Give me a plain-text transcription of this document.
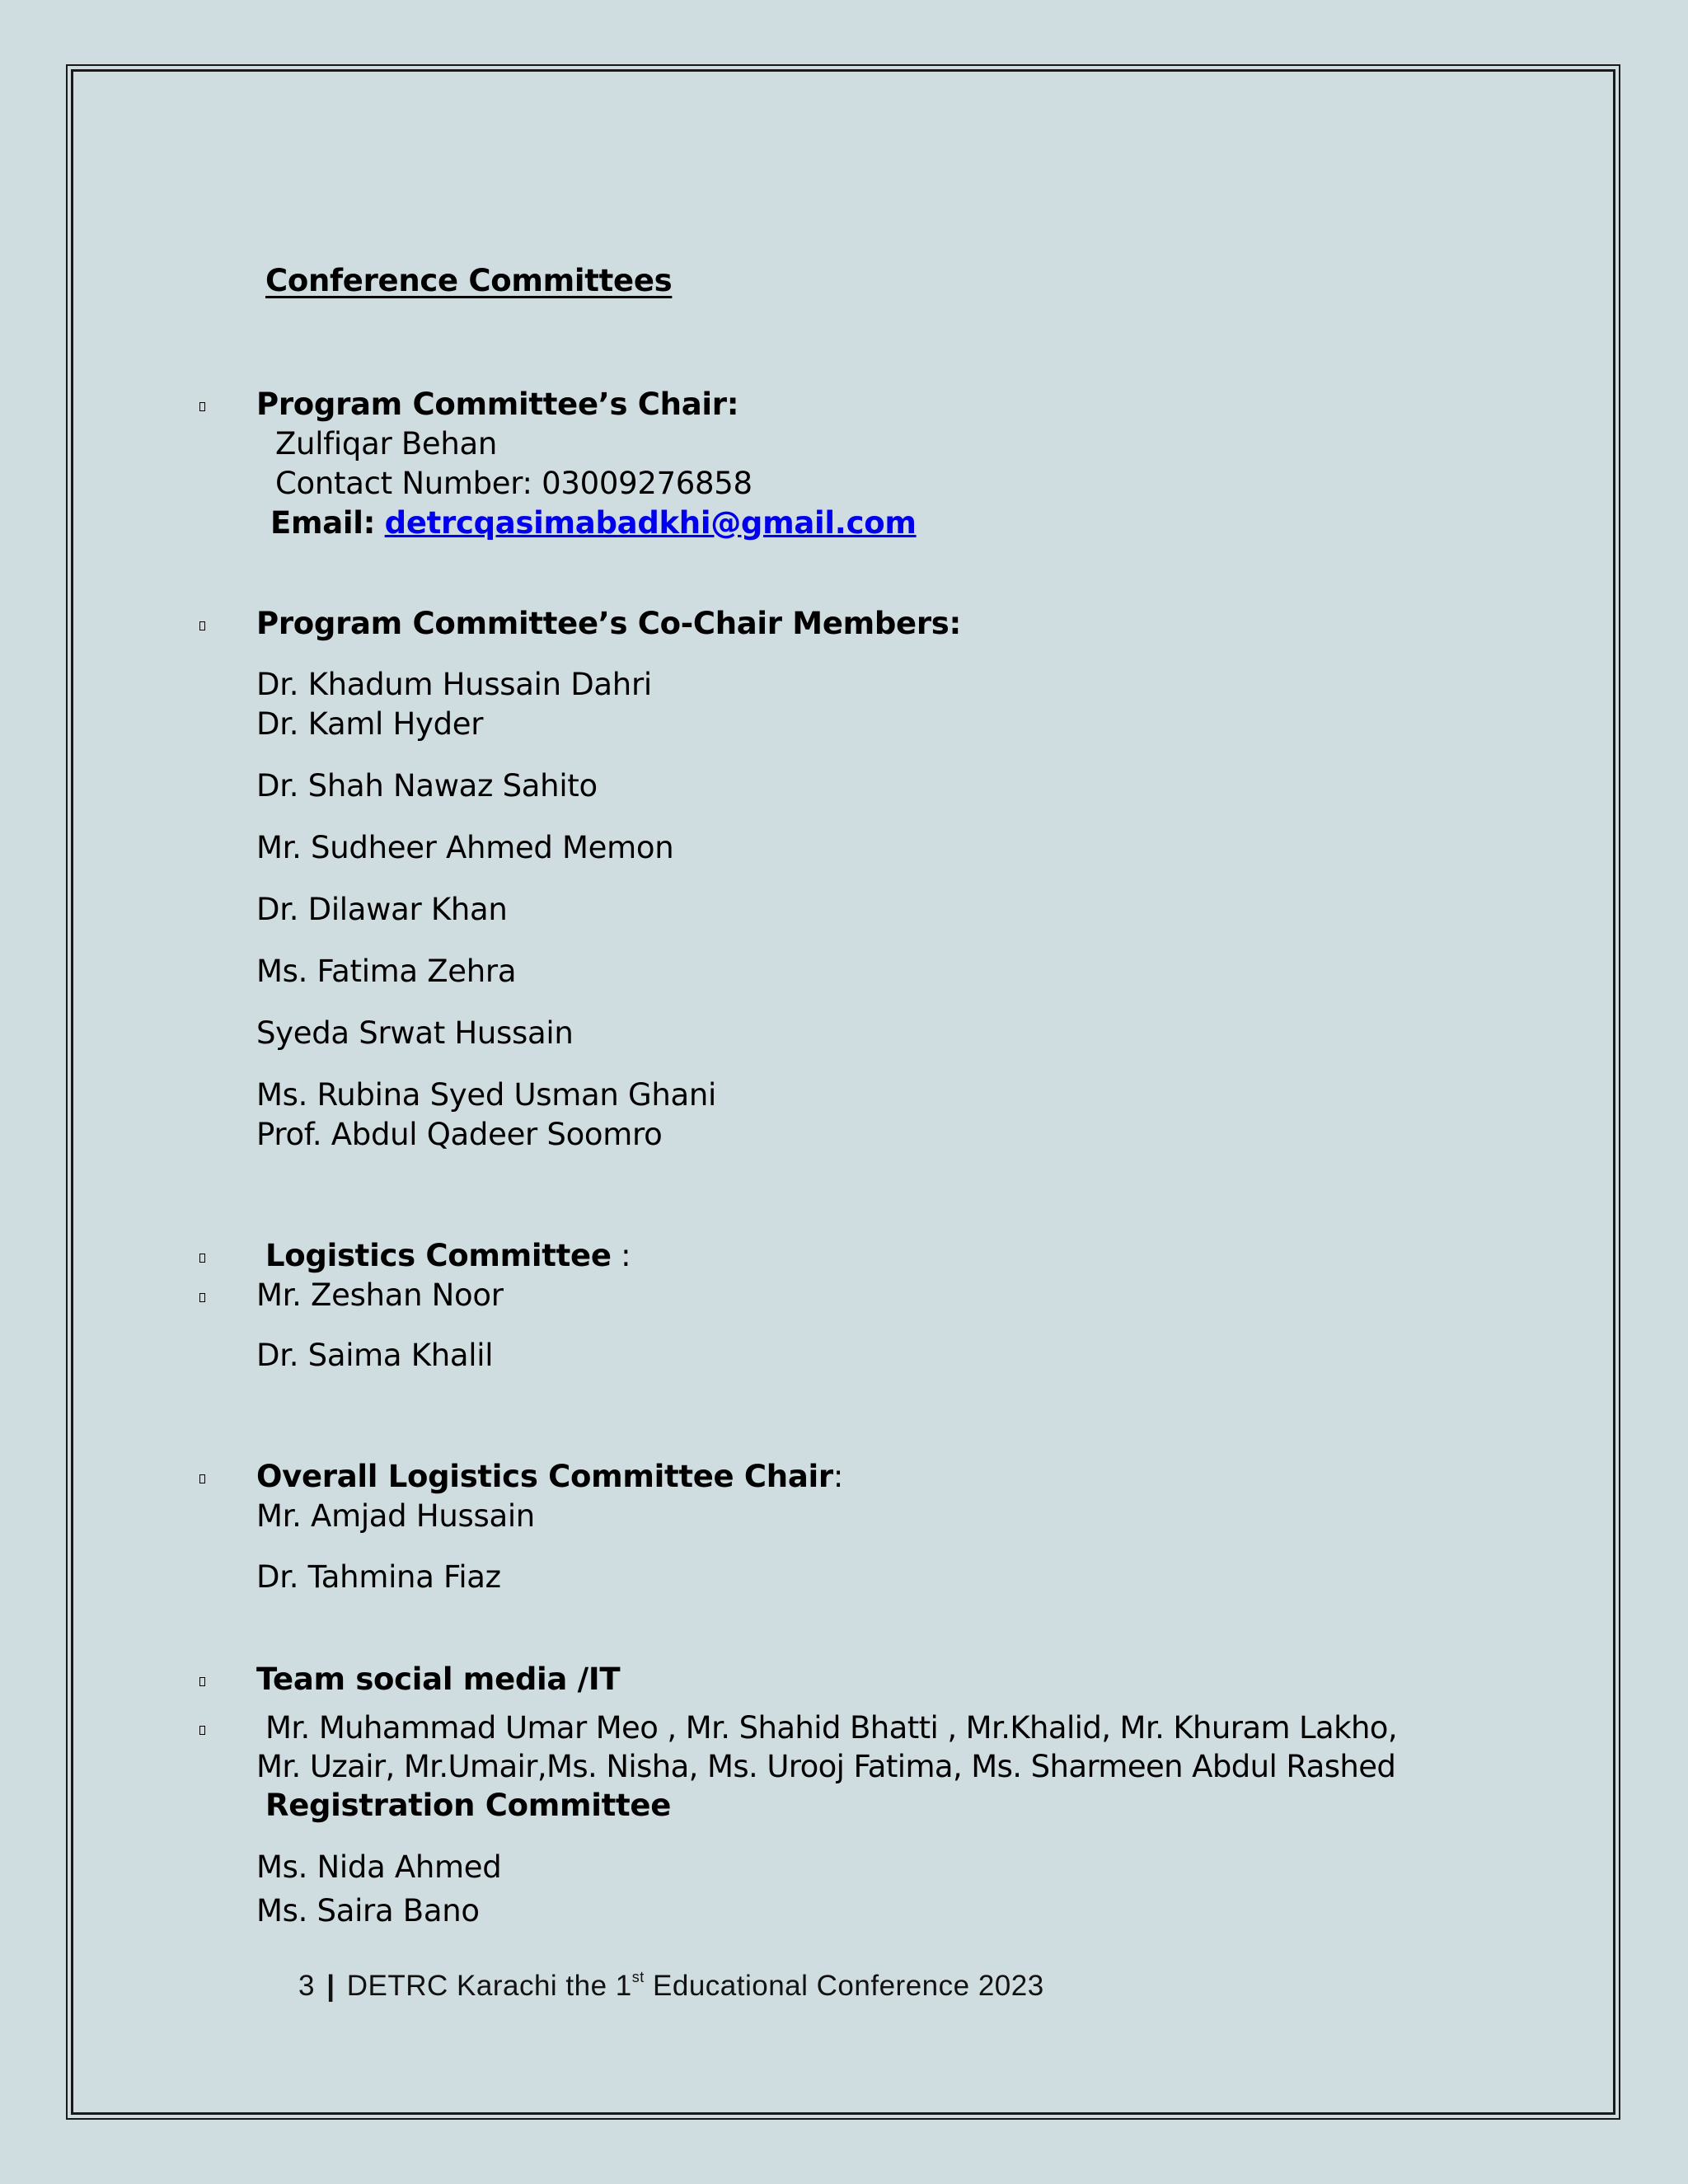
Conference Committees
Program Committee’s Chair:
Zulfiqar Behan
Contact Number: 03009276858
Email: detrcqasimabadkhi@gmail.com
Program Committee’s Co-Chair Members:
Dr. Khadum Hussain Dahri
Dr. Kaml Hyder
Dr. Shah Nawaz Sahito
Mr. Sudheer Ahmed Memon
Dr. Dilawar Khan
Ms. Fatima Zehra
Syeda Srwat Hussain
Ms. Rubina Syed Usman Ghani
Prof. Abdul Qadeer Soomro
Logistics Committee :
Mr. Zeshan Noor
Dr. Saima Khalil
Overall Logistics Committee Chair:
Mr. Amjad Hussain
Dr. Tahmina Fiaz
Team social media /IT
Mr. Muhammad Umar Meo , Mr. Shahid Bhatti , Mr.Khalid, Mr. Khuram Lakho,
Mr. Uzair, Mr.Umair,Ms. Nisha, Ms. Urooj Fatima, Ms. Sharmeen Abdul Rashed
Registration Committee
Ms. Nida Ahmed
Ms. Saira Bano
3 | DETRC Karachi the 1st Educational Conference 2023
